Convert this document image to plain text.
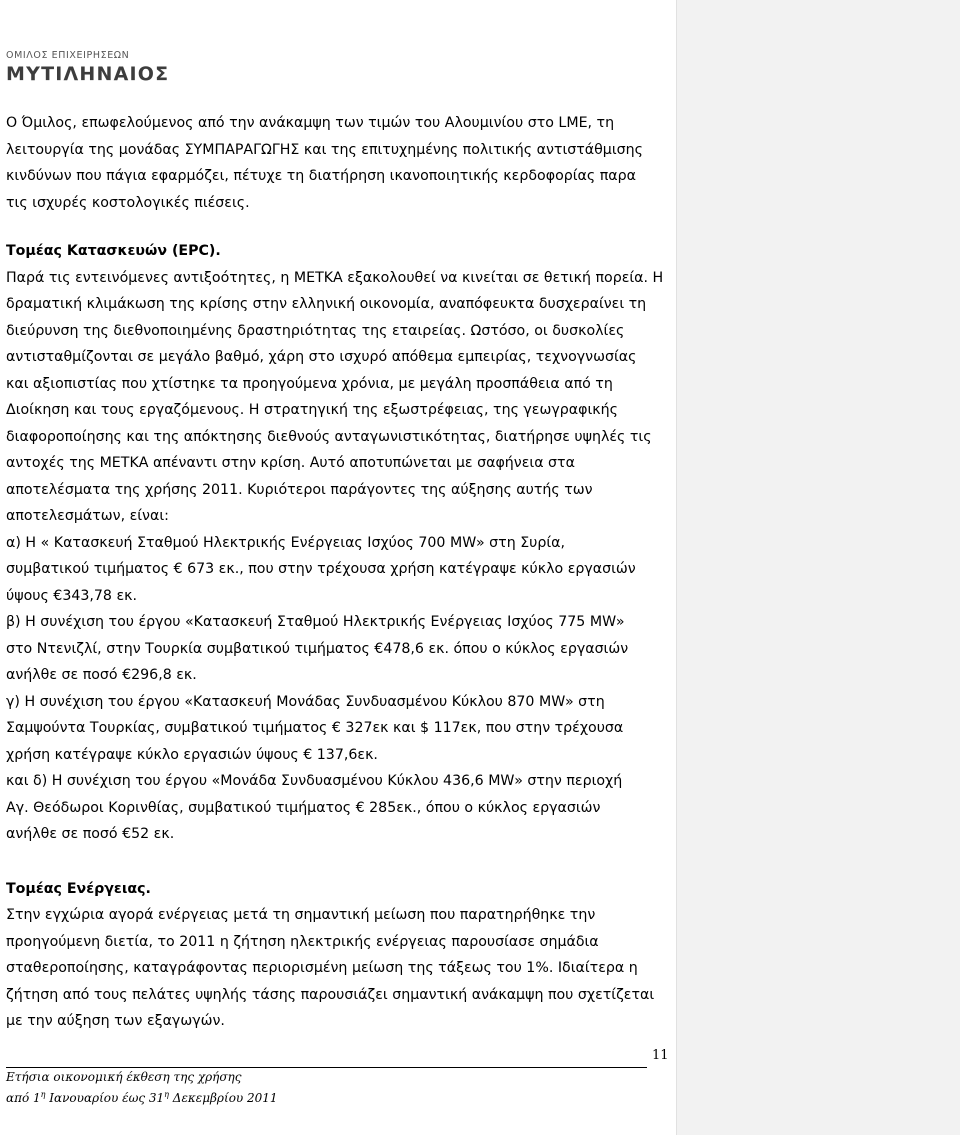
ΟΜΙΛΟΣ ΕΠΙΧΕΙΡΗΣΕΩΝ
ΜΥΤΙΛΗΝΑΙΟΣ
Ο Όμιλος, επωφελούμενος από την ανάκαμψη των τιμών του Αλουμινίου στο LME, τη
λειτουργία της μονάδας ΣΥΜΠΑΡΑΓΩΓΗΣ και της επιτυχημένης πολιτικής αντιστάθμισης
κινδύνων που πάγια εφαρμόζει, πέτυχε τη διατήρηση ικανοποιητικής κερδοφορίας παρα
τις ισχυρές κοστολογικές πιέσεις.
Τομέας Κατασκευών (EPC).
Παρά τις εντεινόμενες αντιξοότητες, η ΜΕΤΚΑ εξακολουθεί να κινείται σε θετική πορεία. Η
δραματική κλιμάκωση της κρίσης στην ελληνική οικονομία, αναπόφευκτα δυσχεραίνει τη
διεύρυνση της διεθνοποιημένης δραστηριότητας της εταιρείας. Ωστόσο, οι δυσκολίες
αντισταθμίζονται σε μεγάλο βαθμό, χάρη στο ισχυρό απόθεμα εμπειρίας, τεχνογνωσίας
και αξιοπιστίας που χτίστηκε τα προηγούμενα χρόνια, με μεγάλη προσπάθεια από τη
Διοίκηση και τους εργαζόμενους. Η στρατηγική της εξωστρέφειας, της γεωγραφικής
διαφοροποίησης και της απόκτησης διεθνούς ανταγωνιστικότητας, διατήρησε υψηλές τις
αντοχές της ΜΕΤΚΑ απέναντι στην κρίση. Αυτό αποτυπώνεται με σαφήνεια στα
αποτελέσματα της χρήσης 2011. Κυριότεροι παράγοντες της αύξησης αυτής των
αποτελεσμάτων, είναι:
α) Η « Κατασκευή Σταθμού Ηλεκτρικής Ενέργειας Ισχύος 700 MW» στη Συρία,
συμβατικού τιμήματος € 673 εκ., που στην τρέχουσα χρήση κατέγραψε κύκλο εργασιών
ύψους €343,78 εκ.
β) Η συνέχιση του έργου «Κατασκευή Σταθμού Ηλεκτρικής Ενέργειας Ισχύος 775 MW»
στο Ντενιζλί, στην Τουρκία συμβατικού τιμήματος €478,6 εκ. όπου ο κύκλος εργασιών
ανήλθε σε ποσό €296,8 εκ.
γ) Η συνέχιση του έργου «Κατασκευή Μονάδας Συνδυασμένου Κύκλου 870 MW» στη
Σαμψούντα Τουρκίας, συμβατικού τιμήματος € 327εκ και $ 117εκ, που στην τρέχουσα
χρήση κατέγραψε κύκλο εργασιών ύψους € 137,6εκ.
και δ) Η συνέχιση του έργου «Μονάδα Συνδυασμένου Κύκλου 436,6 MW» στην περιοχή
Αγ. Θεόδωροι Κορινθίας, συμβατικού τιμήματος € 285εκ., όπου ο κύκλος εργασιών
ανήλθε σε ποσό €52 εκ.
Τομέας Ενέργειας.
Στην εγχώρια αγορά ενέργειας μετά τη σημαντική μείωση που παρατηρήθηκε την
προηγούμενη διετία, το 2011 η ζήτηση ηλεκτρικής ενέργειας παρουσίασε σημάδια
σταθεροποίησης, καταγράφοντας περιορισμένη μείωση της τάξεως του 1%. Ιδιαίτερα η
ζήτηση από τους πελάτες υψηλής τάσης παρουσιάζει σημαντική ανάκαμψη που σχετίζεται
με την αύξηση των εξαγωγών.
11
Ετήσια οικονομική έκθεση της χρήσης
από $1^\eta$ Ιανουαρίου έως $31^\eta$ Δεκεμβρίου 2011
